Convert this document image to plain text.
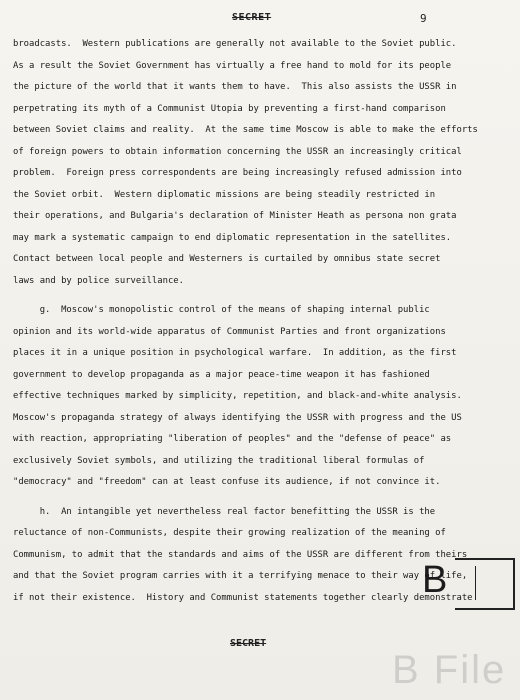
SECRET	9
broadcasts.  Western publications are generally not available to the Soviet public.
As a result the Soviet Government has virtually a free hand to mold for its people
the picture of the world that it wants them to have.  This also assists the USSR in
perpetrating its myth of a Communist Utopia by preventing a first-hand comparison
between Soviet claims and reality.  At the same time Moscow is able to make the efforts
of foreign powers to obtain information concerning the USSR an increasingly critical
problem.  Foreign press correspondents are being increasingly refused admission into
the Soviet orbit.  Western diplomatic missions are being steadily restricted in
their operations, and Bulgaria's declaration of Minister Heath as persona non grata
may mark a systematic campaign to end diplomatic representation in the satellites.
Contact between local people and Westerners is curtailed by omnibus state secret
laws and by police surveillance.
g.  Moscow's monopolistic control of the means of shaping internal public
opinion and its world-wide apparatus of Communist Parties and front organizations
places it in a unique position in psychological warfare.  In addition, as the first
government to develop propaganda as a major peace-time weapon it has fashioned
effective techniques marked by simplicity, repetition, and black-and-white analysis.
Moscow's propaganda strategy of always identifying the USSR with progress and the US
with reaction, appropriating "liberation of peoples" and the "defense of peace" as
exclusively Soviet symbols, and utilizing the traditional liberal formulas of
"democracy" and "freedom" can at least confuse its audience, if not convince it.
h.  An intangible yet nevertheless real factor benefitting the USSR is the
reluctance of non-Communists, despite their growing realization of the meaning of
Communism, to admit that the standards and aims of the USSR are different from theirs
and that the Soviet program carries with it a terrifying menace to their way of life,
if not their existence.  History and Communist statements together clearly demonstrate
B
SECRET
B File
